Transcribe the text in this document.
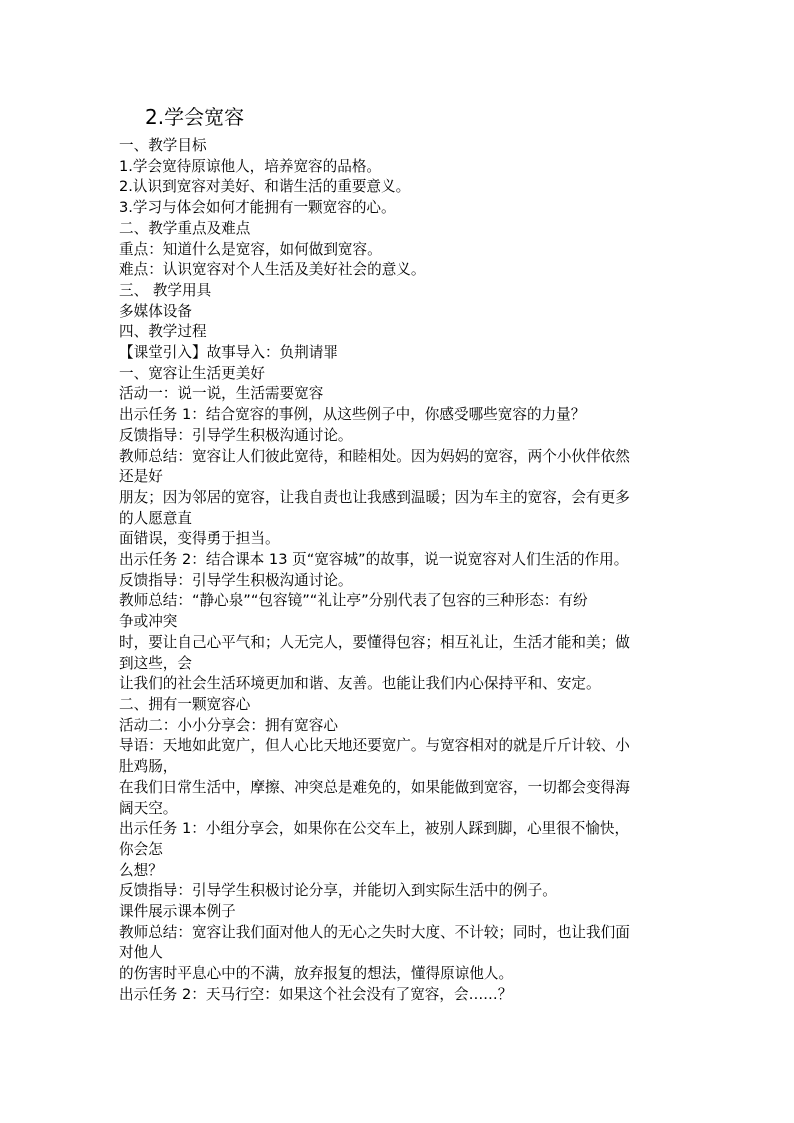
2.学会宽容

一、教学目标

1.学会宽待原谅他人，培养宽容的品格。

2.认识到宽容对美好、和谐生活的重要意义。

3.学习与体会如何才能拥有一颗宽容的心。

二、教学重点及难点

重点：知道什么是宽容，如何做到宽容。

难点：认识宽容对个人生活及美好社会的意义。

三、 教学用具

多媒体设备

四、教学过程

【课堂引入】故事导入：负荆请罪

一、宽容让生活更美好

活动一：说一说，生活需要宽容

出示任务 1：结合宽容的事例，从这些例子中，你感受哪些宽容的力量？

反馈指导：引导学生积极沟通讨论。

教师总结：宽容让人们彼此宽待，和睦相处。因为妈妈的宽容，两个小伙伴依然

还是好

朋友；因为邻居的宽容，让我自责也让我感到温暖；因为车主的宽容，会有更多

的人愿意直

面错误，变得勇于担当。

出示任务 2：结合课本 13 页“宽容城”的故事，说一说宽容对人们生活的作用。

反馈指导：引导学生积极沟通讨论。

教师总结：“静心泉”“包容镜”“礼让亭”分别代表了包容的三种形态：有纷

争或冲突

时，要让自己心平气和；人无完人，要懂得包容；相互礼让，生活才能和美；做

到这些，会

让我们的社会生活环境更加和谐、友善。也能让我们内心保持平和、安定。

二、拥有一颗宽容心

活动二：小小分享会：拥有宽容心

导语：天地如此宽广，但人心比天地还要宽广。与宽容相对的就是斤斤计较、小

肚鸡肠，

在我们日常生活中，摩擦、冲突总是难免的，如果能做到宽容，一切都会变得海

阔天空。

出示任务 1：小组分享会，如果你在公交车上，被别人踩到脚，心里很不愉快，

你会怎

么想？

反馈指导：引导学生积极讨论分享，并能切入到实际生活中的例子。

课件展示课本例子

教师总结：宽容让我们面对他人的无心之失时大度、不计较；同时，也让我们面

对他人

的伤害时平息心中的不满，放弃报复的想法，懂得原谅他人。

出示任务 2：天马行空：如果这个社会没有了宽容，会……？
